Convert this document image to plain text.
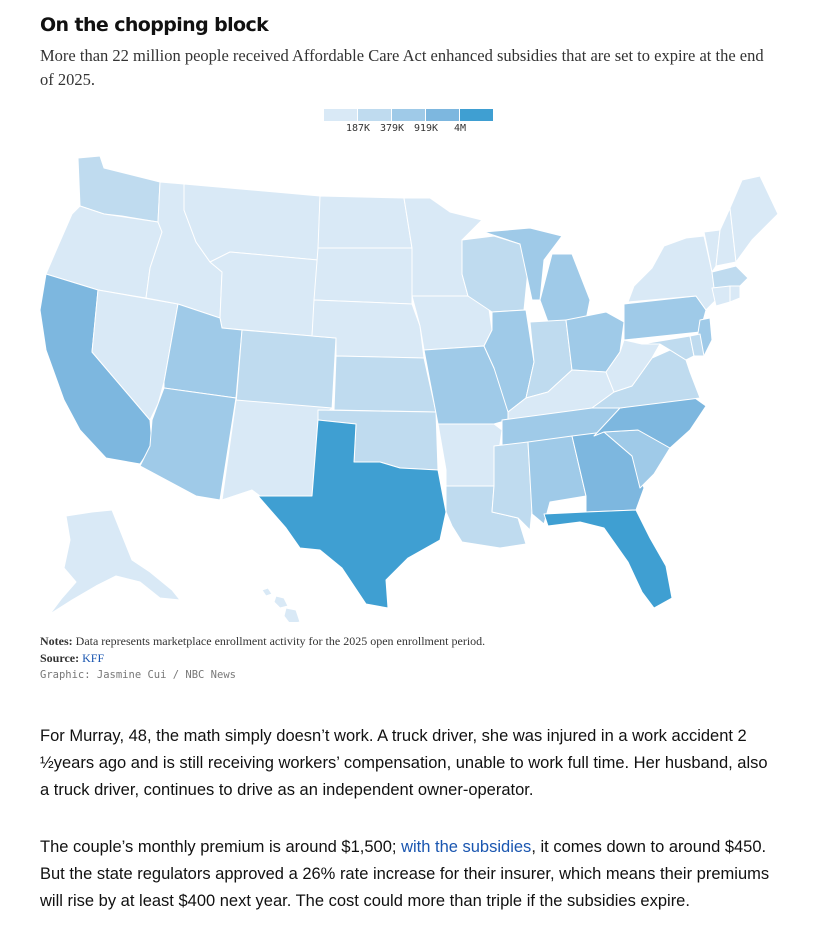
On the chopping block

More than 22 million people received Affordable Care Act enhanced subsidies that are set to expire at the end of 2025.

187K 379K 919K 4M
Notes: Data represents marketplace enrollment activity for the 2025 open enrollment period.
Source: KFF
Graphic: Jasmine Cui / NBC News

For Murray, 48, the math simply doesn’t work. A truck driver, she was injured in a work accident 2 ½years ago and is still receiving workers’ compensation, unable to work full time. Her husband, also a truck driver, continues to drive as an independent owner-operator.

The couple’s monthly premium is around $1,500; with the subsidies, it comes down to around $450. But the state regulators approved a 26% rate increase for their insurer, which means their premiums will rise by at least $400 next year. The cost could more than triple if the subsidies expire.
